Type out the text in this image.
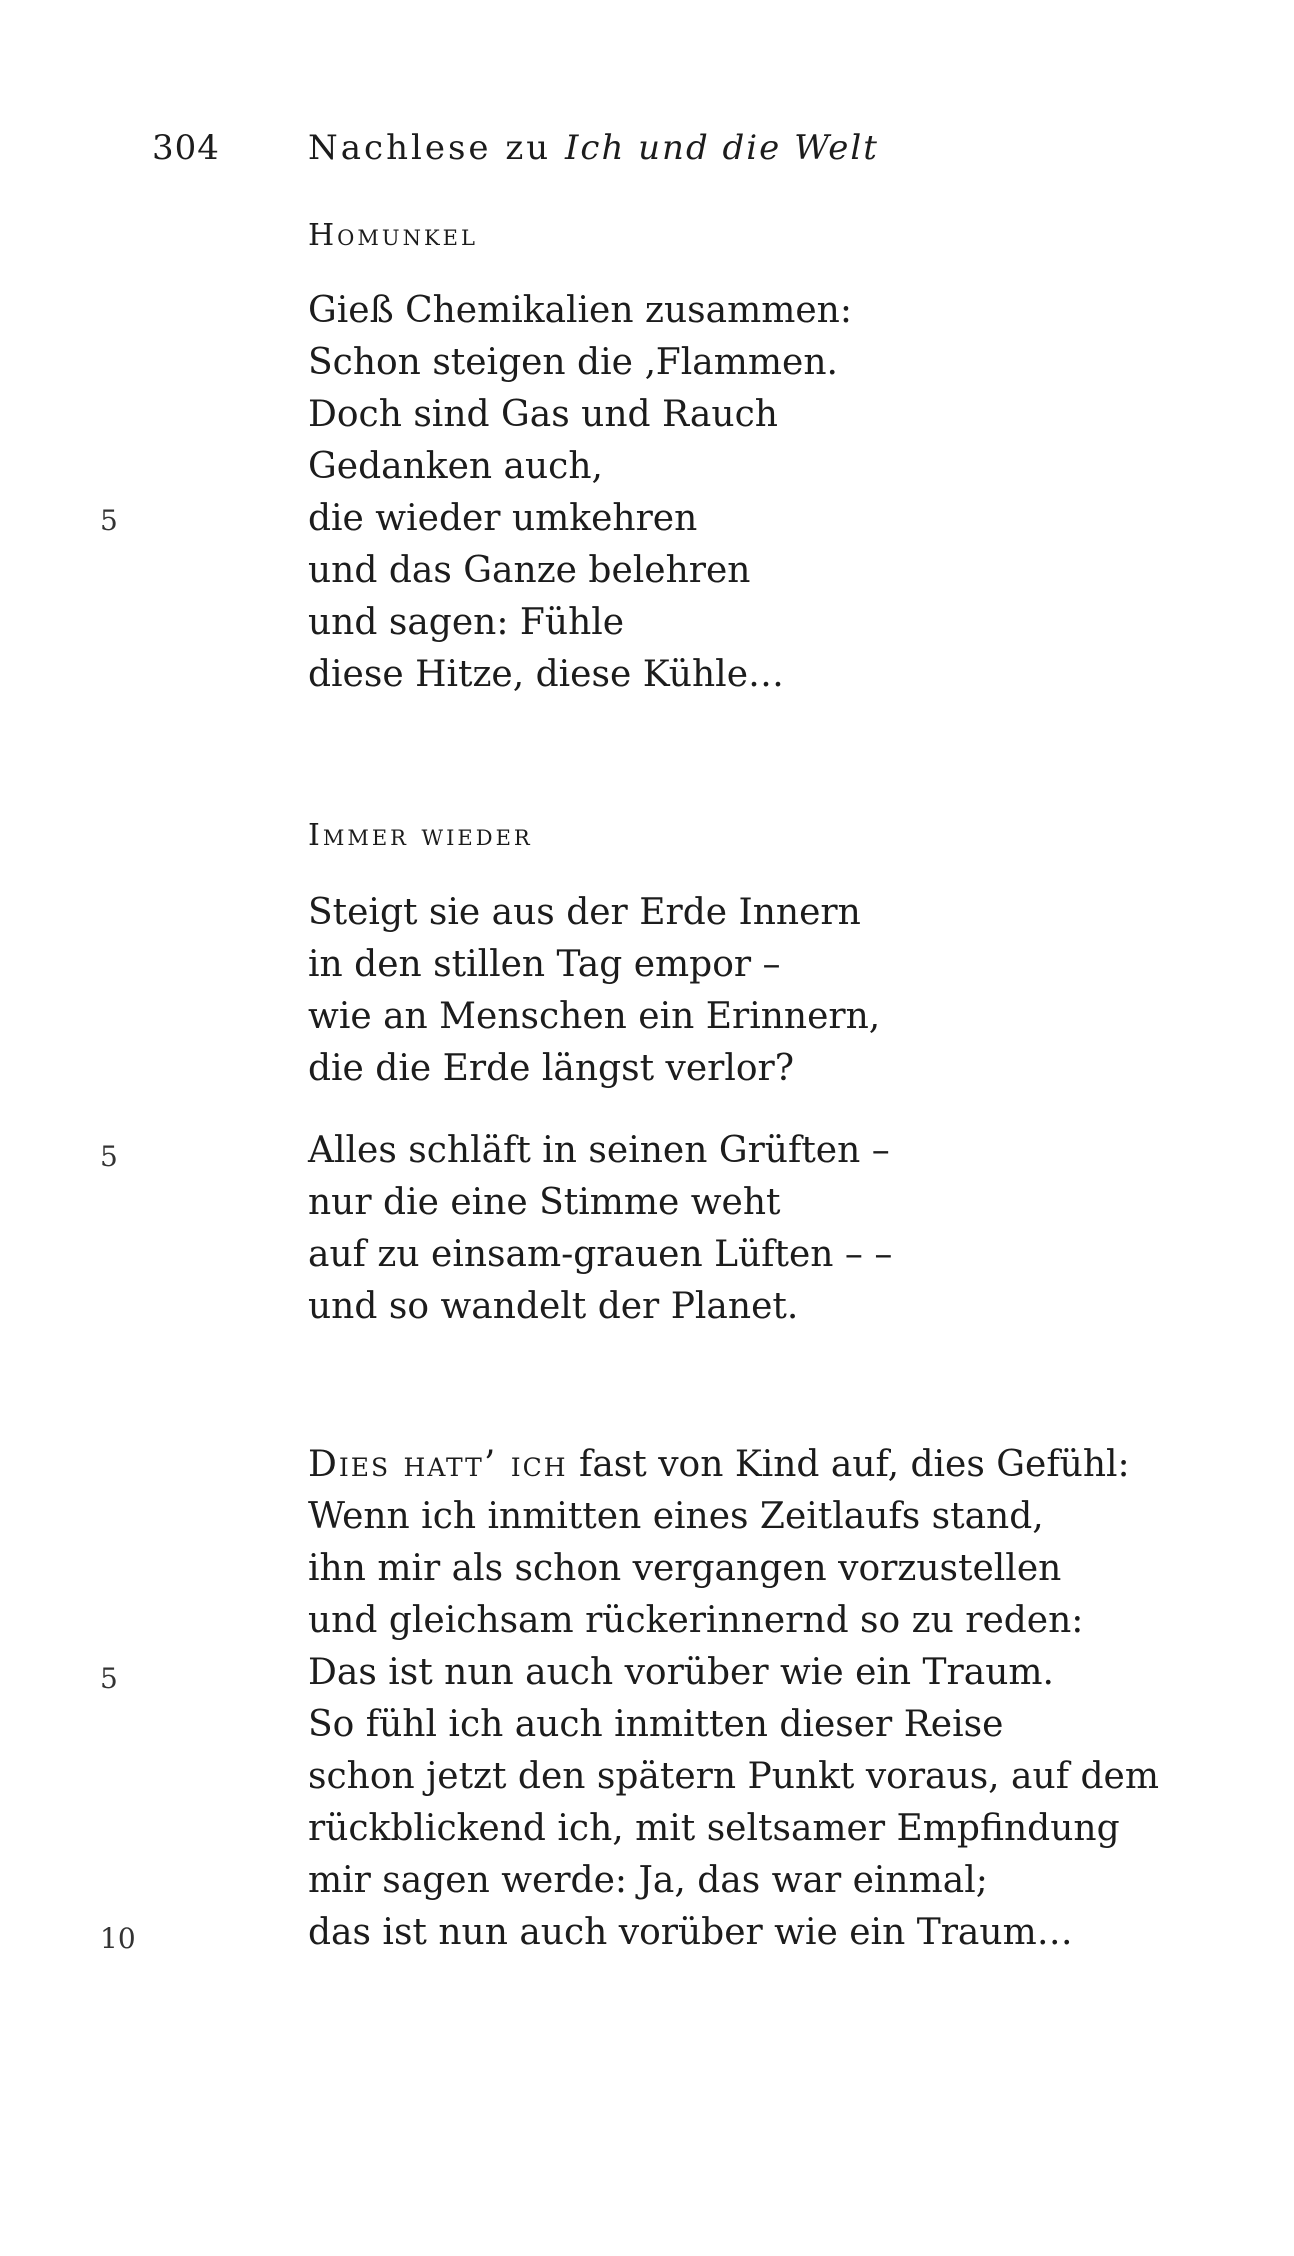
304	Nachlese zu Ich und die Welt
Homunkel
Gieß Chemikalien zusammen:
Schon steigen die ‚Flammen.
Doch sind Gas und Rauch
Gedanken auch,
5	die wieder umkehren
und das Ganze belehren
und sagen: Fühle
diese Hitze, diese Kühle…
Immer wieder
Steigt sie aus der Erde Innern
in den stillen Tag empor –
wie an Menschen ein Erinnern,
die die Erde längst verlor?
5	Alles schläft in seinen Grüften –
nur die eine Stimme weht
auf zu einsam-grauen Lüften – –
und so wandelt der Planet.
Dies hatt’ ich fast von Kind auf, dies Gefühl:
Wenn ich inmitten eines Zeitlaufs stand,
ihn mir als schon vergangen vorzustellen
und gleichsam rückerinnernd so zu reden:
5	Das ist nun auch vorüber wie ein Traum.
So fühl ich auch inmitten dieser Reise
schon jetzt den spätern Punkt voraus, auf dem
rückblickend ich, mit seltsamer Empfindung
mir sagen werde: Ja, das war einmal;
10	das ist nun auch vorüber wie ein Traum…
